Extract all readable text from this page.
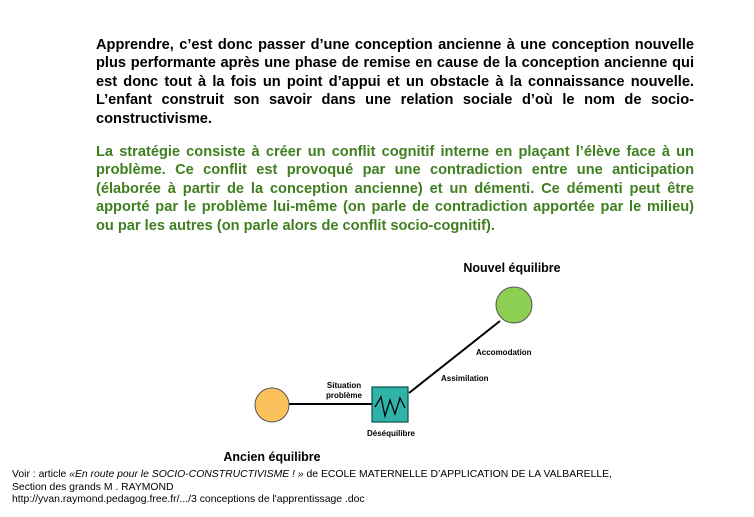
Apprendre, c’est donc passer d’une conception ancienne à une conception nouvelle plus performante après une phase de remise en cause de la conception ancienne qui est donc tout à la fois un point d’appui et un obstacle à la connaissance nouvelle. L’enfant construit son savoir dans une relation sociale d’où le nom de socio-constructivisme.

La stratégie consiste à créer un conflit cognitif interne en plaçant l’élève face à un problème. Ce conflit est provoqué par une contradiction entre une anticipation (élaborée à partir de la conception ancienne) et un démenti. Ce démenti peut être apporté par le problème lui-même (on parle de contradiction apportée par le milieu) ou par les autres (on parle alors de conflit socio-cognitif).

Nouvel équilibre
Ancien équilibre
Situation
problème
Déséquilibre
Assimilation
Accomodation
Voir : article «En route pour le SOCIO-CONSTRUCTIVISME ! » de ECOLE MATERNELLE D’APPLICATION DE LA VALBARELLE,
Section des grands M . RAYMOND
http://yvan.raymond.pedagog.free.fr/.../3 conceptions de l'apprentissage .doc
